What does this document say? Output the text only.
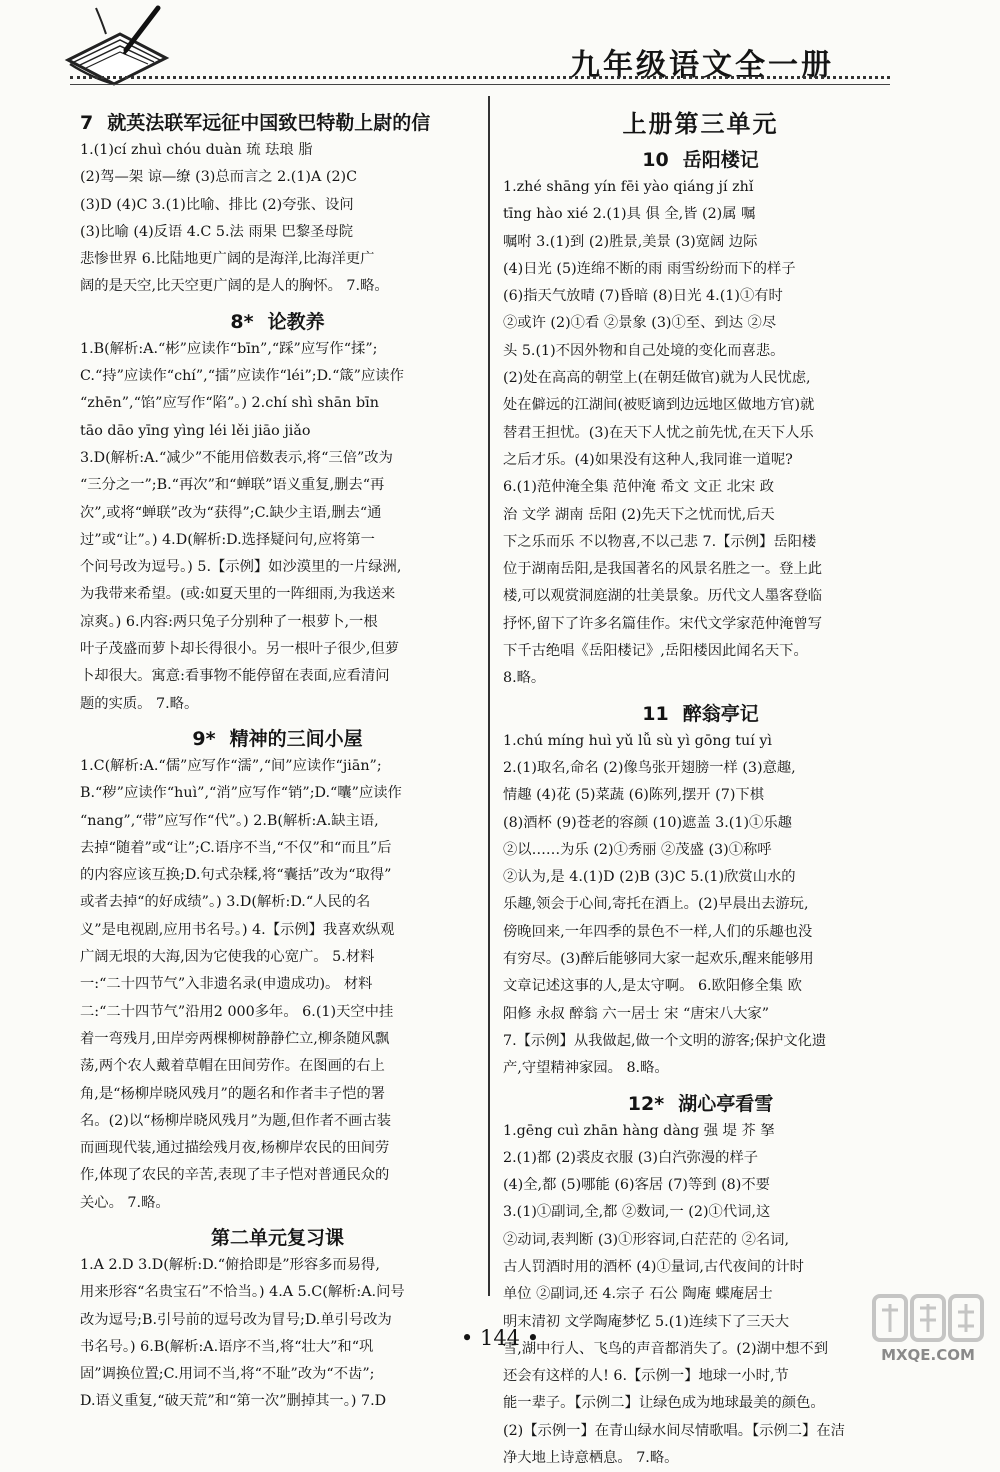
九年级语文全一册
7 就英法联军远征中国致巴特勒上尉的信
1.(1)cí zhuì chóu duàn 琉 珐琅 脂
(2)驾—架 谅—缭 (3)总而言之 2.(1)A (2)C
(3)D (4)C 3.(1)比喻、排比 (2)夸张、设问
(3)比喻 (4)反语 4.C 5.法 雨果 巴黎圣母院
悲惨世界 6.比陆地更广阔的是海洋,比海洋更广
阔的是天空,比天空更广阔的是人的胸怀。 7.略。
8* 论教养
1.B(解析:A.“彬”应读作“bīn”,“踩”应写作“揉”;
C.“持”应读作“chí”,“擂”应读作“léi”;D.“箴”应读作
“zhēn”,“馅”应写作“陷”。) 2.chí shì shān bīn
tāo dāo yīng yìng léi lěi jiāo jiǎo
3.D(解析:A.“减少”不能用倍数表示,将“三倍”改为
“三分之一”;B.“再次”和“蝉联”语义重复,删去“再
次”,或将“蝉联”改为“获得”;C.缺少主语,删去“通
过”或“让”。) 4.D(解析:D.选择疑问句,应将第一
个问号改为逗号。) 5.【示例】如沙漠里的一片绿洲,
为我带来希望。(或:如夏天里的一阵细雨,为我送来
凉爽。) 6.内容:两只兔子分别种了一根萝卜,一根
叶子茂盛而萝卜却长得很小。另一根叶子很少,但萝
卜却很大。寓意:看事物不能停留在表面,应看清问
题的实质。 7.略。
9* 精神的三间小屋
1.C(解析:A.“儒”应写作“濡”,“间”应读作“jiān”;
B.“秽”应读作“huì”,“消”应写作“销”;D.“囔”应读作
“nang”,“带”应写作“代”。) 2.B(解析:A.缺主语,
去掉“随着”或“让”;C.语序不当,“不仅”和“而且”后
的内容应该互换;D.句式杂糅,将“囊括”改为“取得”
或者去掉“的好成绩”。) 3.D(解析:D.“人民的名
义”是电视剧,应用书名号。) 4.【示例】我喜欢纵观
广阔无垠的大海,因为它使我的心宽广。 5.材料
一:“二十四节气”入非遗名录(申遗成功)。 材料
二:“二十四节气”沿用2 000多年。 6.(1)天空中挂
着一弯残月,田岸旁两棵柳树静静伫立,柳条随风飘
荡,两个农人戴着草帽在田间劳作。在图画的右上
角,是“杨柳岸晓风残月”的题名和作者丰子恺的署
名。(2)以“杨柳岸晓风残月”为题,但作者不画古装
而画现代装,通过描绘残月夜,杨柳岸农民的田间劳
作,体现了农民的辛苦,表现了丰子恺对普通民众的
关心。 7.略。
第二单元复习课
1.A 2.D 3.D(解析:D.“俯拾即是”形容多而易得,
用来形容“名贵宝石”不恰当。) 4.A 5.C(解析:A.问号
改为逗号;B.引号前的逗号改为冒号;D.单引号改为
书名号。) 6.B(解析:A.语序不当,将“壮大”和“巩
固”调换位置;C.用词不当,将“不耻”改为“不齿”;
D.语义重复,“破天荒”和“第一次”删掉其一。) 7.D
上册第三单元
10 岳阳楼记
1.zhé shāng yín fēi yào qiáng jí zhǐ
tīng hào xié 2.(1)具 俱 全,皆 (2)属 嘱
嘱咐 3.(1)到 (2)胜景,美景 (3)宽阔 边际
(4)日光 (5)连绵不断的雨 雨雪纷纷而下的样子
(6)指天气放晴 (7)昏暗 (8)日光 4.(1)①有时
②或许 (2)①看 ②景象 (3)①至、到达 ②尽
头 5.(1)不因外物和自己处境的变化而喜悲。
(2)处在高高的朝堂上(在朝廷做官)就为人民忧虑,
处在僻远的江湖间(被贬谪到边远地区做地方官)就
替君王担忧。(3)在天下人忧之前先忧,在天下人乐
之后才乐。(4)如果没有这种人,我同谁一道呢?
6.(1)范仲淹全集 范仲淹 希文 文正 北宋 政
治 文学 湖南 岳阳 (2)先天下之忧而忧,后天
下之乐而乐 不以物喜,不以己悲 7.【示例】岳阳楼
位于湖南岳阳,是我国著名的风景名胜之一。登上此
楼,可以观赏洞庭湖的壮美景象。历代文人墨客登临
抒怀,留下了许多名篇佳作。宋代文学家范仲淹曾写
下千古绝唱《岳阳楼记》,岳阳楼因此闻名天下。
8.略。
11 醉翁亭记
1.chú míng huì yǔ lǚ sù yì gōng tuí yì
2.(1)取名,命名 (2)像鸟张开翅膀一样 (3)意趣,
情趣 (4)花 (5)菜蔬 (6)陈列,摆开 (7)下棋
(8)酒杯 (9)苍老的容颜 (10)遮盖 3.(1)①乐趣
②以……为乐 (2)①秀丽 ②茂盛 (3)①称呼
②认为,是 4.(1)D (2)B (3)C 5.(1)欣赏山水的
乐趣,领会于心间,寄托在酒上。(2)早晨出去游玩,
傍晚回来,一年四季的景色不一样,人们的乐趣也没
有穷尽。(3)醉后能够同大家一起欢乐,醒来能够用
文章记述这事的人,是太守啊。 6.欧阳修全集 欧
阳修 永叔 醉翁 六一居士 宋 “唐宋八大家”
7.【示例】从我做起,做一个文明的游客;保护文化遗
产,守望精神家园。 8.略。
12* 湖心亭看雪
1.gēng cuì zhān hàng dàng 强 堤 芥 拏
2.(1)都 (2)裘皮衣服 (3)白汽弥漫的样子
(4)全,都 (5)哪能 (6)客居 (7)等到 (8)不要
3.(1)①副词,全,都 ②数词,一 (2)①代词,这
②动词,表判断 (3)①形容词,白茫茫的 ②名词,
古人罚酒时用的酒杯 (4)①量词,古代夜间的计时
单位 ②副词,还 4.宗子 石公 陶庵 蝶庵居士
明末清初 文学陶庵梦忆 5.(1)连续下了三天大
雪,湖中行人、飞鸟的声音都消失了。(2)湖中想不到
还会有这样的人! 6.【示例一】地球一小时,节
能一辈子。【示例二】让绿色成为地球最美的颜色。
(2)【示例一】在青山绿水间尽情歌唱。【示例二】在洁
净大地上诗意栖息。 7.略。
• 144 •
MXQE.COM
